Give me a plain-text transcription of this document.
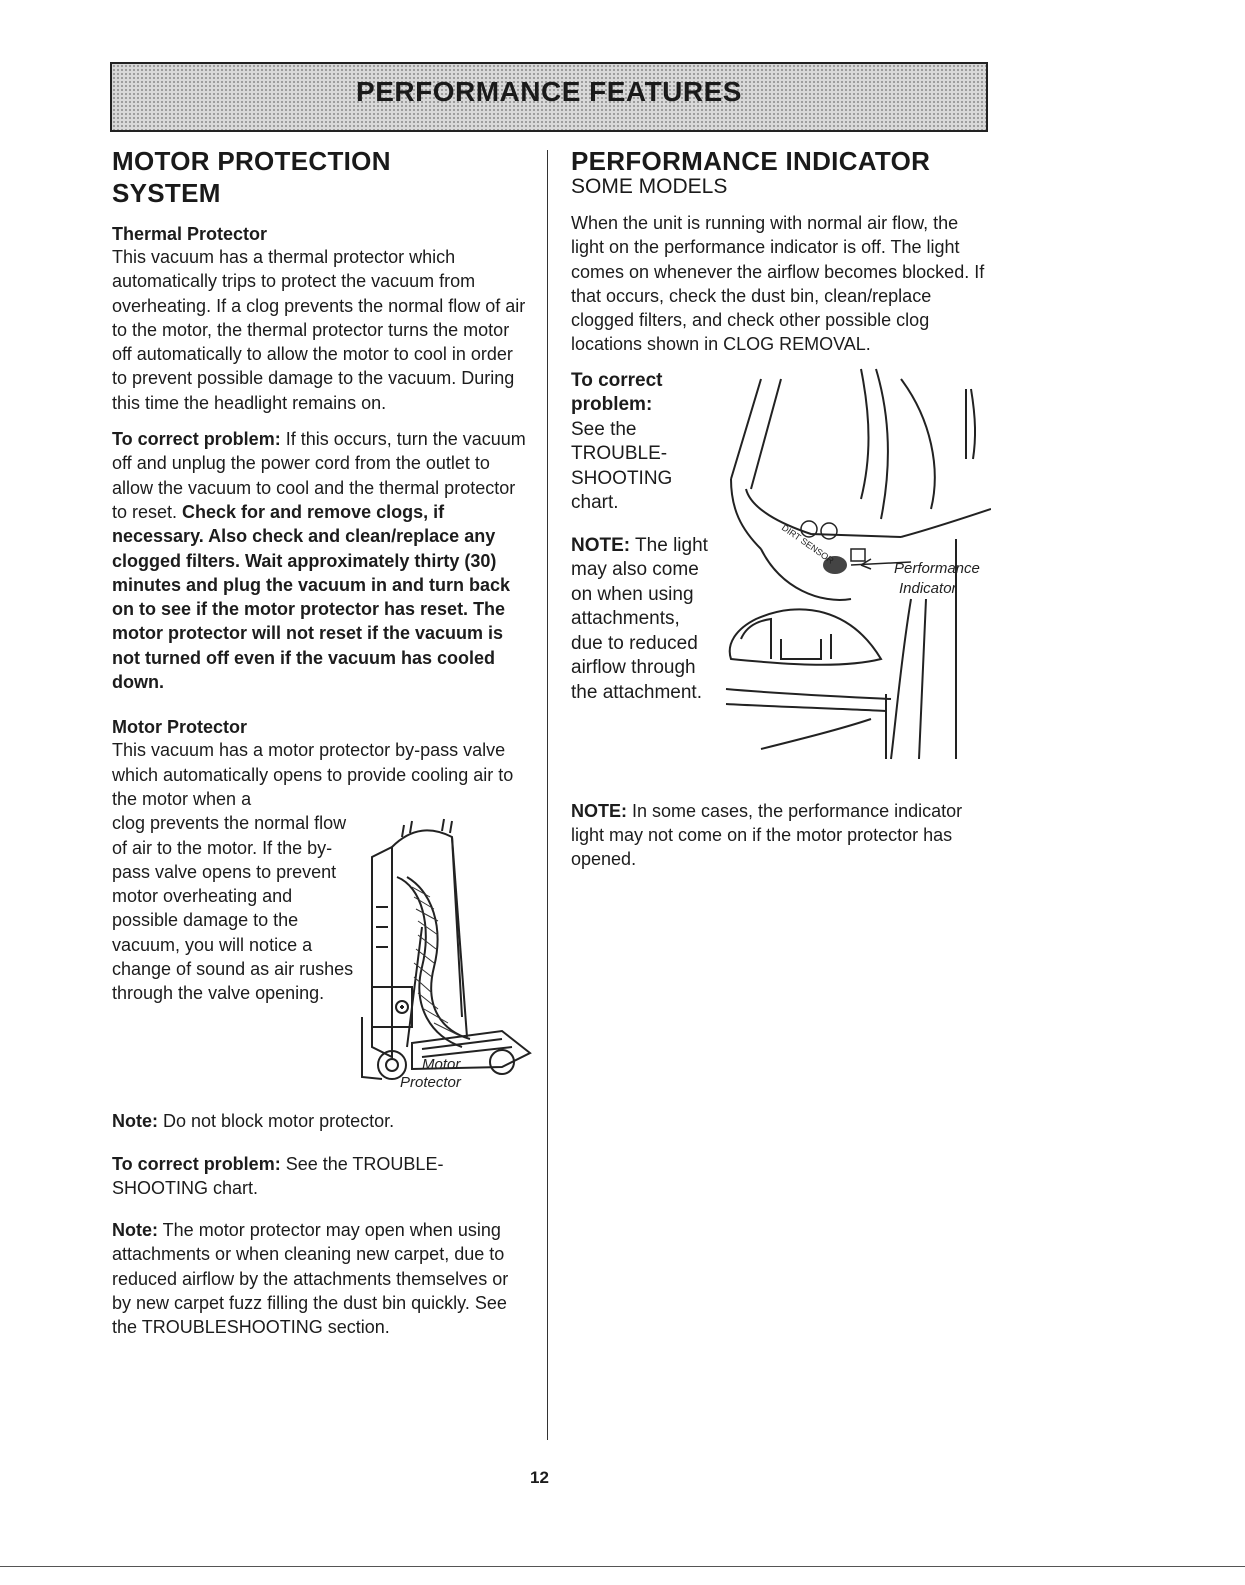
PERFORMANCE FEATURES
MOTOR PROTECTION
SYSTEM
Thermal Protector

This vacuum has a thermal protector which automatically trips to protect the vacuum from overheating. If a clog prevents the normal flow of air to the motor, the thermal protector turns the motor off automatically to allow the motor to cool in order to prevent possible damage to the vacuum. During this time the headlight remains on.

To correct problem: If this occurs, turn the vacuum off and unplug the power cord from the outlet to allow the vacuum to cool and the thermal protector to reset. Check for and remove clogs, if necessary. Also check and clean/replace any clogged filters. Wait approximately thirty (30) minutes and plug the vacuum in and turn back on to see if the motor protector has reset. The motor protector will not reset if the vacuum is not turned off even if the vacuum has cooled down.

Motor Protector

This vacuum has a motor protector by-pass valve which automatically opens to provide cooling air to the motor when a

clog prevents the normal flow of air to the motor. If the by-pass valve opens to prevent motor overheating and possible damage to the vacuum, you will notice a change of sound as air rushes through the valve opening.
Motor
Protector

Note: Do not block motor protector.

To correct problem: See the TROUBLE-SHOOTING chart.

Note: The motor protector may open when using attachments or when cleaning new carpet, due to reduced airflow by the attachments themselves or by new carpet fuzz filling the dust bin quickly. See the TROUBLESHOOTING section.

PERFORMANCE INDICATOR
SOME MODELS

When the unit is running with normal air flow, the light on the performance indicator is off. The light comes on whenever the airflow becomes blocked. If that occurs, check the dust bin, clean/replace clogged filters, and check other possible clog locations shown in CLOG REMOVAL.

To correct problem:
See the TROUBLE-SHOOTING chart.
NOTE: The light may also come on when using attachments, due to reduced airflow through the attachment.
DIRT SENSOR
Performance
Indicator

NOTE: In some cases, the performance indicator light may not come on if the motor protector has opened.

12
